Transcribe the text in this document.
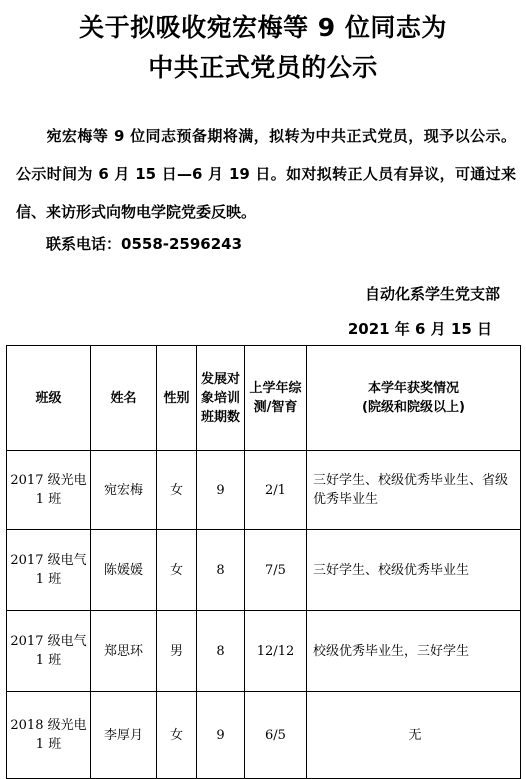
关于拟吸收宛宏梅等 9 位同志为
中共正式党员的公示
宛宏梅等 9 位同志预备期将满，拟转为中共正式党员，现予以公示。公示时间为 6 月 15 日—6 月 19 日。如对拟转正人员有异议，可通过来信、来访形式向物电学院党委反映。
联系电话：0558-2596243
自动化系学生党支部
2021 年 6 月 15 日
班级	姓名	性别	发展对象培训班期数	上学年综测/智育	本学年获奖情况
(院级和院级以上)
2017 级光电 1 班	宛宏梅	女	9	2/1	三好学生、校级优秀毕业生、省级优秀毕业生
2017 级电气 1 班	陈媛媛	女	8	7/5	三好学生、校级优秀毕业生
2017 级电气 1 班	郑思环	男	8	12/12	校级优秀毕业生，三好学生
2018 级光电 1 班	李厚月	女	9	6/5	无
